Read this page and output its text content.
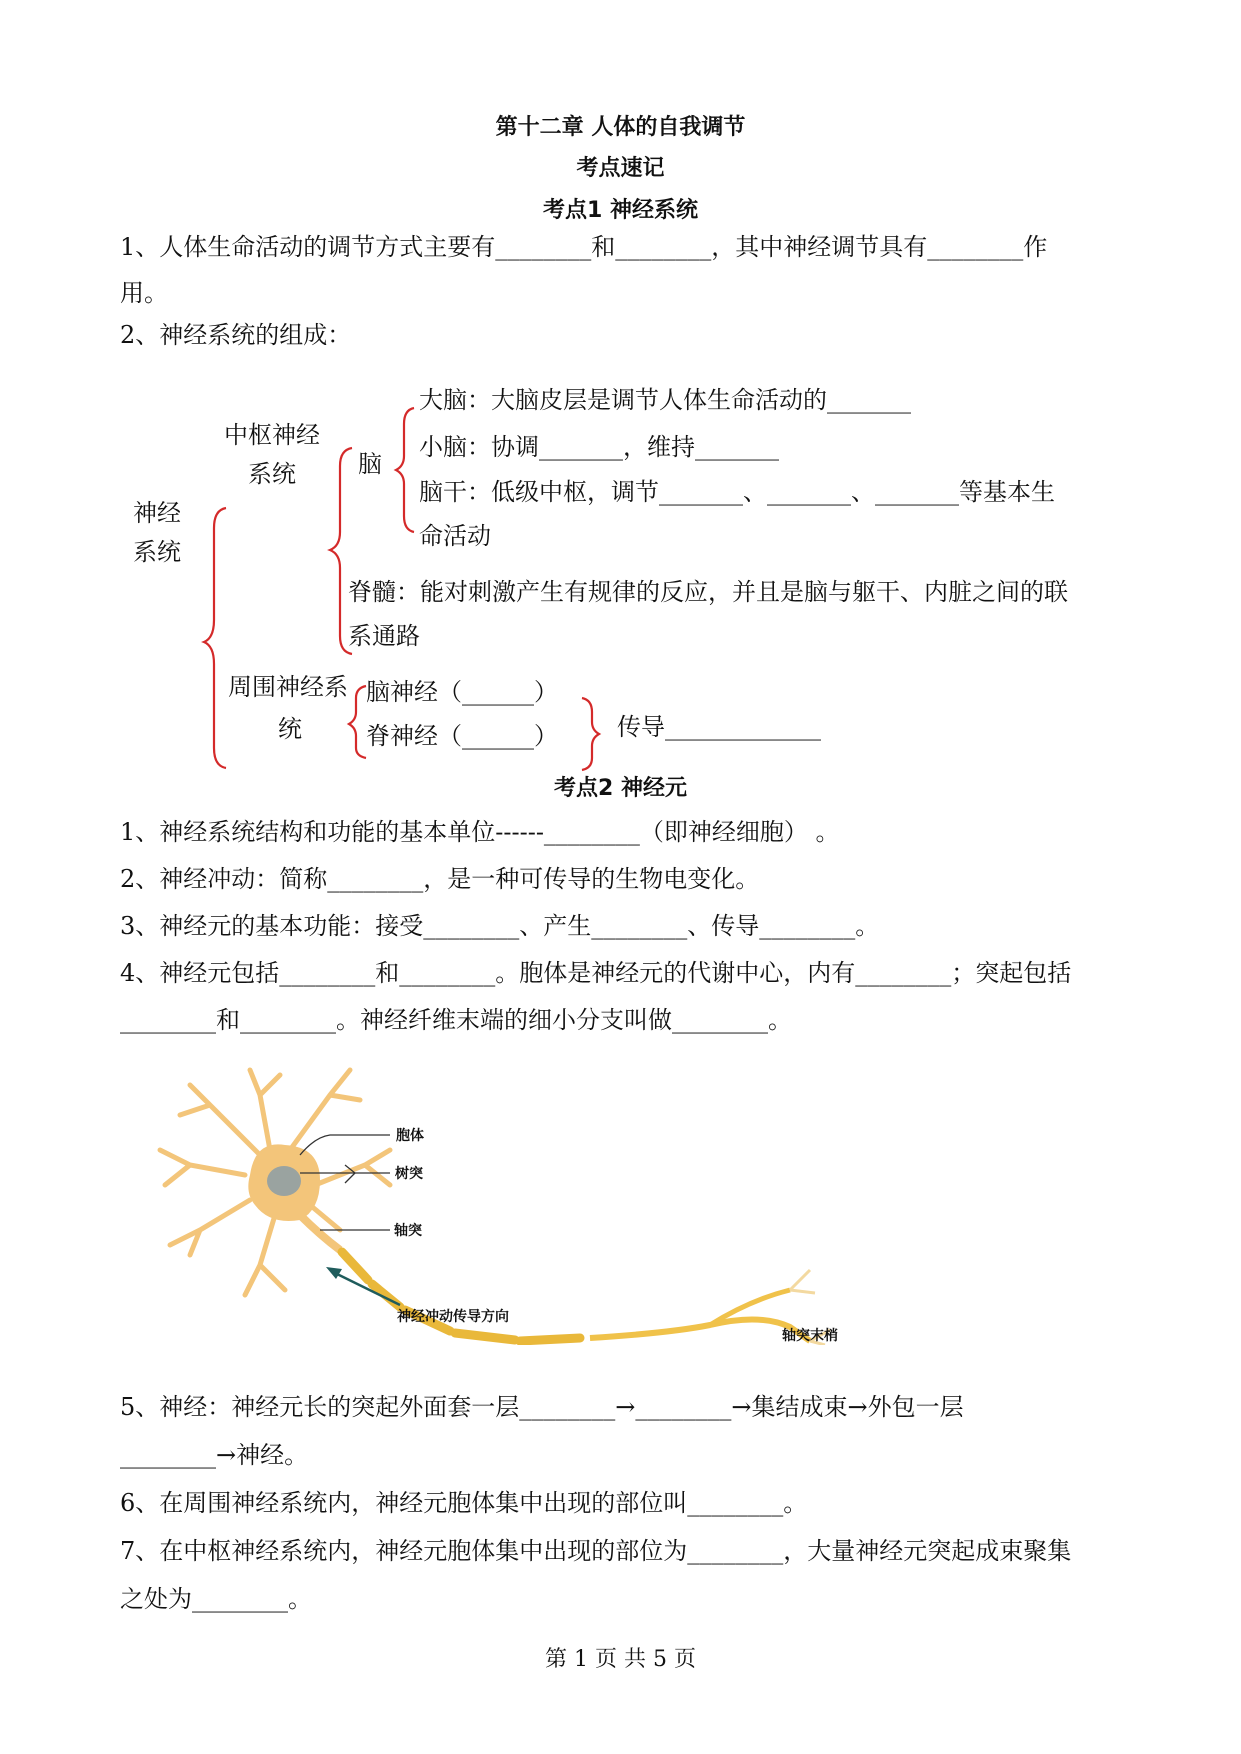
第十二章 人体的自我调节
考点速记
考点1 神经系统
1、人体生命活动的调节方式主要有________和________，其中神经调节具有________作
用。
2、神经系统的组成：
神经
系统
中枢神经
系统	脑
大脑：大脑皮层是调节人体生命活动的_______
小脑：协调_______，维持_______
脑干：低级中枢，调节_______、_______、_______等基本生
命活动
脊髓：能对刺激产生有规律的反应，并且是脑与躯干、内脏之间的联
系通路
周围神经系
统
脑神经（______）
脊神经（______） 传导_____________
考点2 神经元
1、神经系统结构和功能的基本单位------________（即神经细胞） 。
2、神经冲动：简称________，是一种可传导的生物电变化。
3、神经元的基本功能：接受________、产生________、传导________。
4、神经元包括________和________。胞体是神经元的代谢中心，内有________；突起包括
________和________。神经纤维末端的细小分支叫做________。
胞体
树突
轴突
神经冲动传导方向
轴突末梢
5、神经：神经元长的突起外面套一层________→________→集结成束→外包一层
________→神经。
6、在周围神经系统内，神经元胞体集中出现的部位叫________。
7、在中枢神经系统内，神经元胞体集中出现的部位为________，大量神经元突起成束聚集
之处为________。
第 1 页 共 5 页
